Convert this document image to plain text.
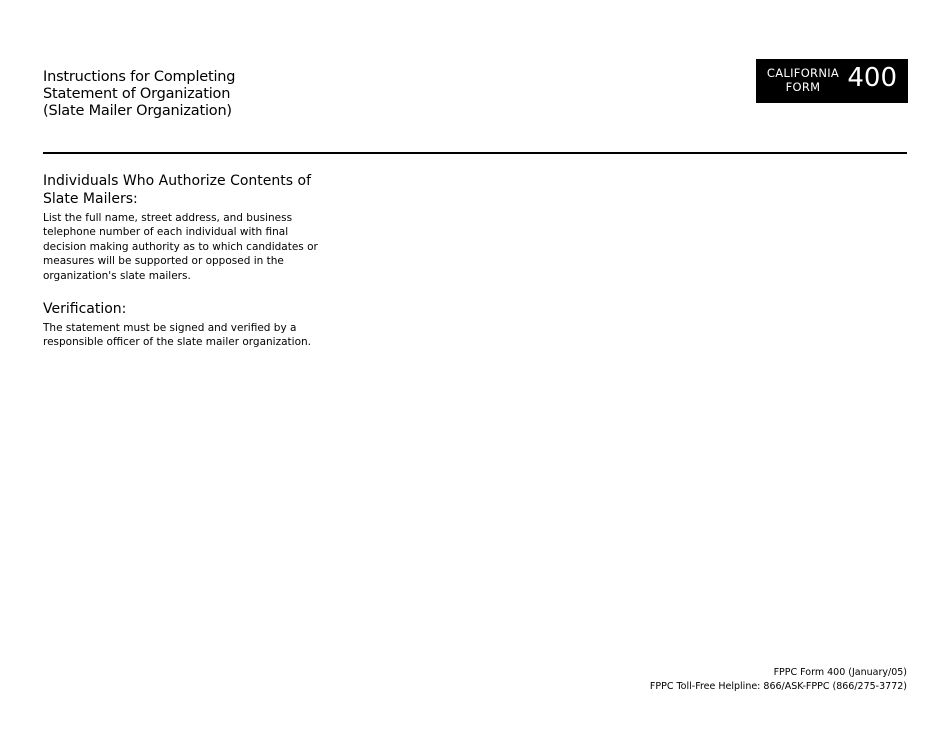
Instructions for Completing
Statement of Organization
(Slate Mailer Organization)
CALIFORNIA
FORM	400
Individuals Who Authorize Contents of
Slate Mailers:
List the full name, street address, and business
telephone number of each individual with final
decision making authority as to which candidates or
measures will be supported or opposed in the
organization's slate mailers.
Verification:
The statement must be signed and verified by a
responsible officer of the slate mailer organization.
FPPC Form 400 (January/05)
FPPC Toll-Free Helpline: 866/ASK-FPPC (866/275-3772)
